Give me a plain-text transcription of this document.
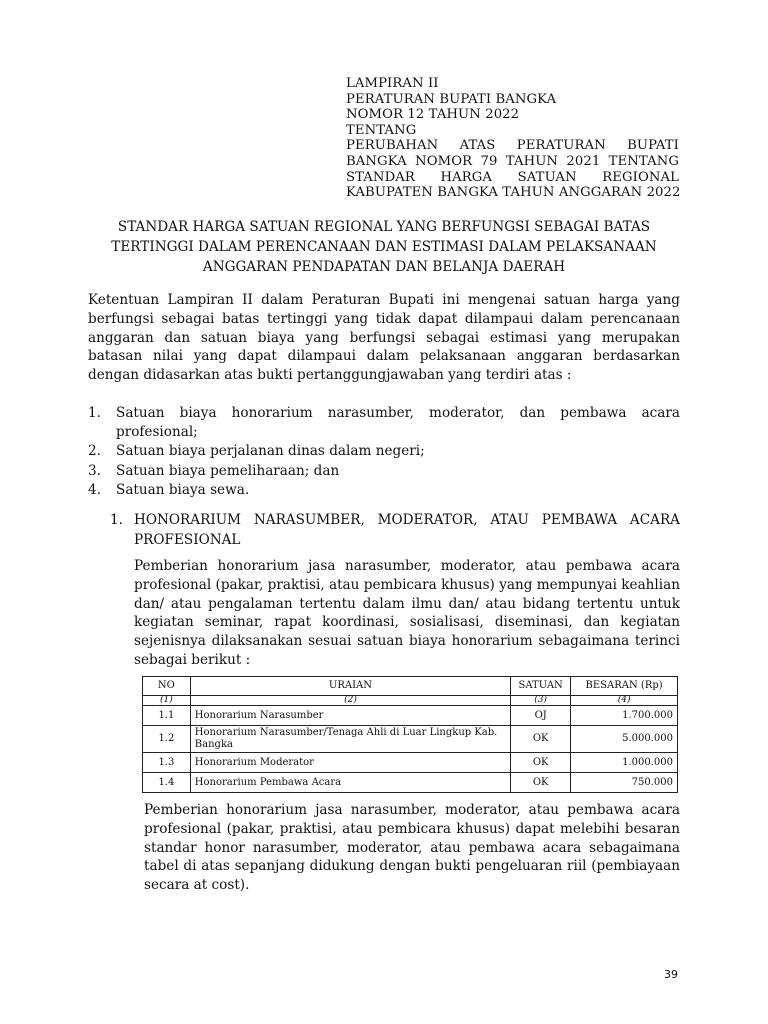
LAMPIRAN II
PERATURAN BUPATI BANGKA
NOMOR 12 TAHUN 2022
TENTANG
PERUBAHAN ATAS PERATURAN BUPATI
BANGKA NOMOR 79 TAHUN 2021 TENTANG
STANDAR HARGA SATUAN REGIONAL
KABUPATEN BANGKA TAHUN ANGGARAN 2022
STANDAR HARGA SATUAN REGIONAL YANG BERFUNGSI SEBAGAI BATAS
TERTINGGI DALAM PERENCANAAN DAN ESTIMASI DALAM PELAKSANAAN
ANGGARAN PENDAPATAN DAN BELANJA DAERAH
Ketentuan Lampiran II dalam Peraturan Bupati ini mengenai satuan harga yang berfungsi sebagai batas tertinggi yang tidak dapat dilampaui dalam perencanaan anggaran dan satuan biaya yang berfungsi sebagai estimasi yang merupakan batasan nilai yang dapat dilampaui dalam pelaksanaan anggaran berdasarkan dengan didasarkan atas bukti pertanggungjawaban yang terdiri atas :
1. Satuan biaya honorarium narasumber, moderator, dan pembawa acara profesional;
2. Satuan biaya perjalanan dinas dalam negeri;
3. Satuan biaya pemeliharaan; dan
4. Satuan biaya sewa.
1. HONORARIUM NARASUMBER, MODERATOR, ATAU PEMBAWA ACARA PROFESIONAL
Pemberian honorarium jasa narasumber, moderator, atau pembawa acara profesional (pakar, praktisi, atau pembicara khusus) yang mempunyai keahlian dan/ atau pengalaman tertentu dalam ilmu dan/ atau bidang tertentu untuk kegiatan seminar, rapat koordinasi, sosialisasi, diseminasi, dan kegiatan sejenisnya dilaksanakan sesuai satuan biaya honorarium sebagaimana terinci sebagai berikut :
NO	URAIAN	SATUAN	BESARAN (Rp)
(1)	(2)	(3)	(4)
1.1	Honorarium Narasumber	OJ	1.700.000
1.2	Honorarium Narasumber/Tenaga Ahli di Luar Lingkup Kab. Bangka	OK	5.000.000
1.3	Honorarium Moderator	OK	1.000.000
1.4	Honorarium Pembawa Acara	OK	750.000
Pemberian honorarium jasa narasumber, moderator, atau pembawa acara profesional (pakar, praktisi, atau pembicara khusus) dapat melebihi besaran standar honor narasumber, moderator, atau pembawa acara sebagaimana tabel di atas sepanjang didukung dengan bukti pengeluaran riil (pembiayaan secara at cost).
39
